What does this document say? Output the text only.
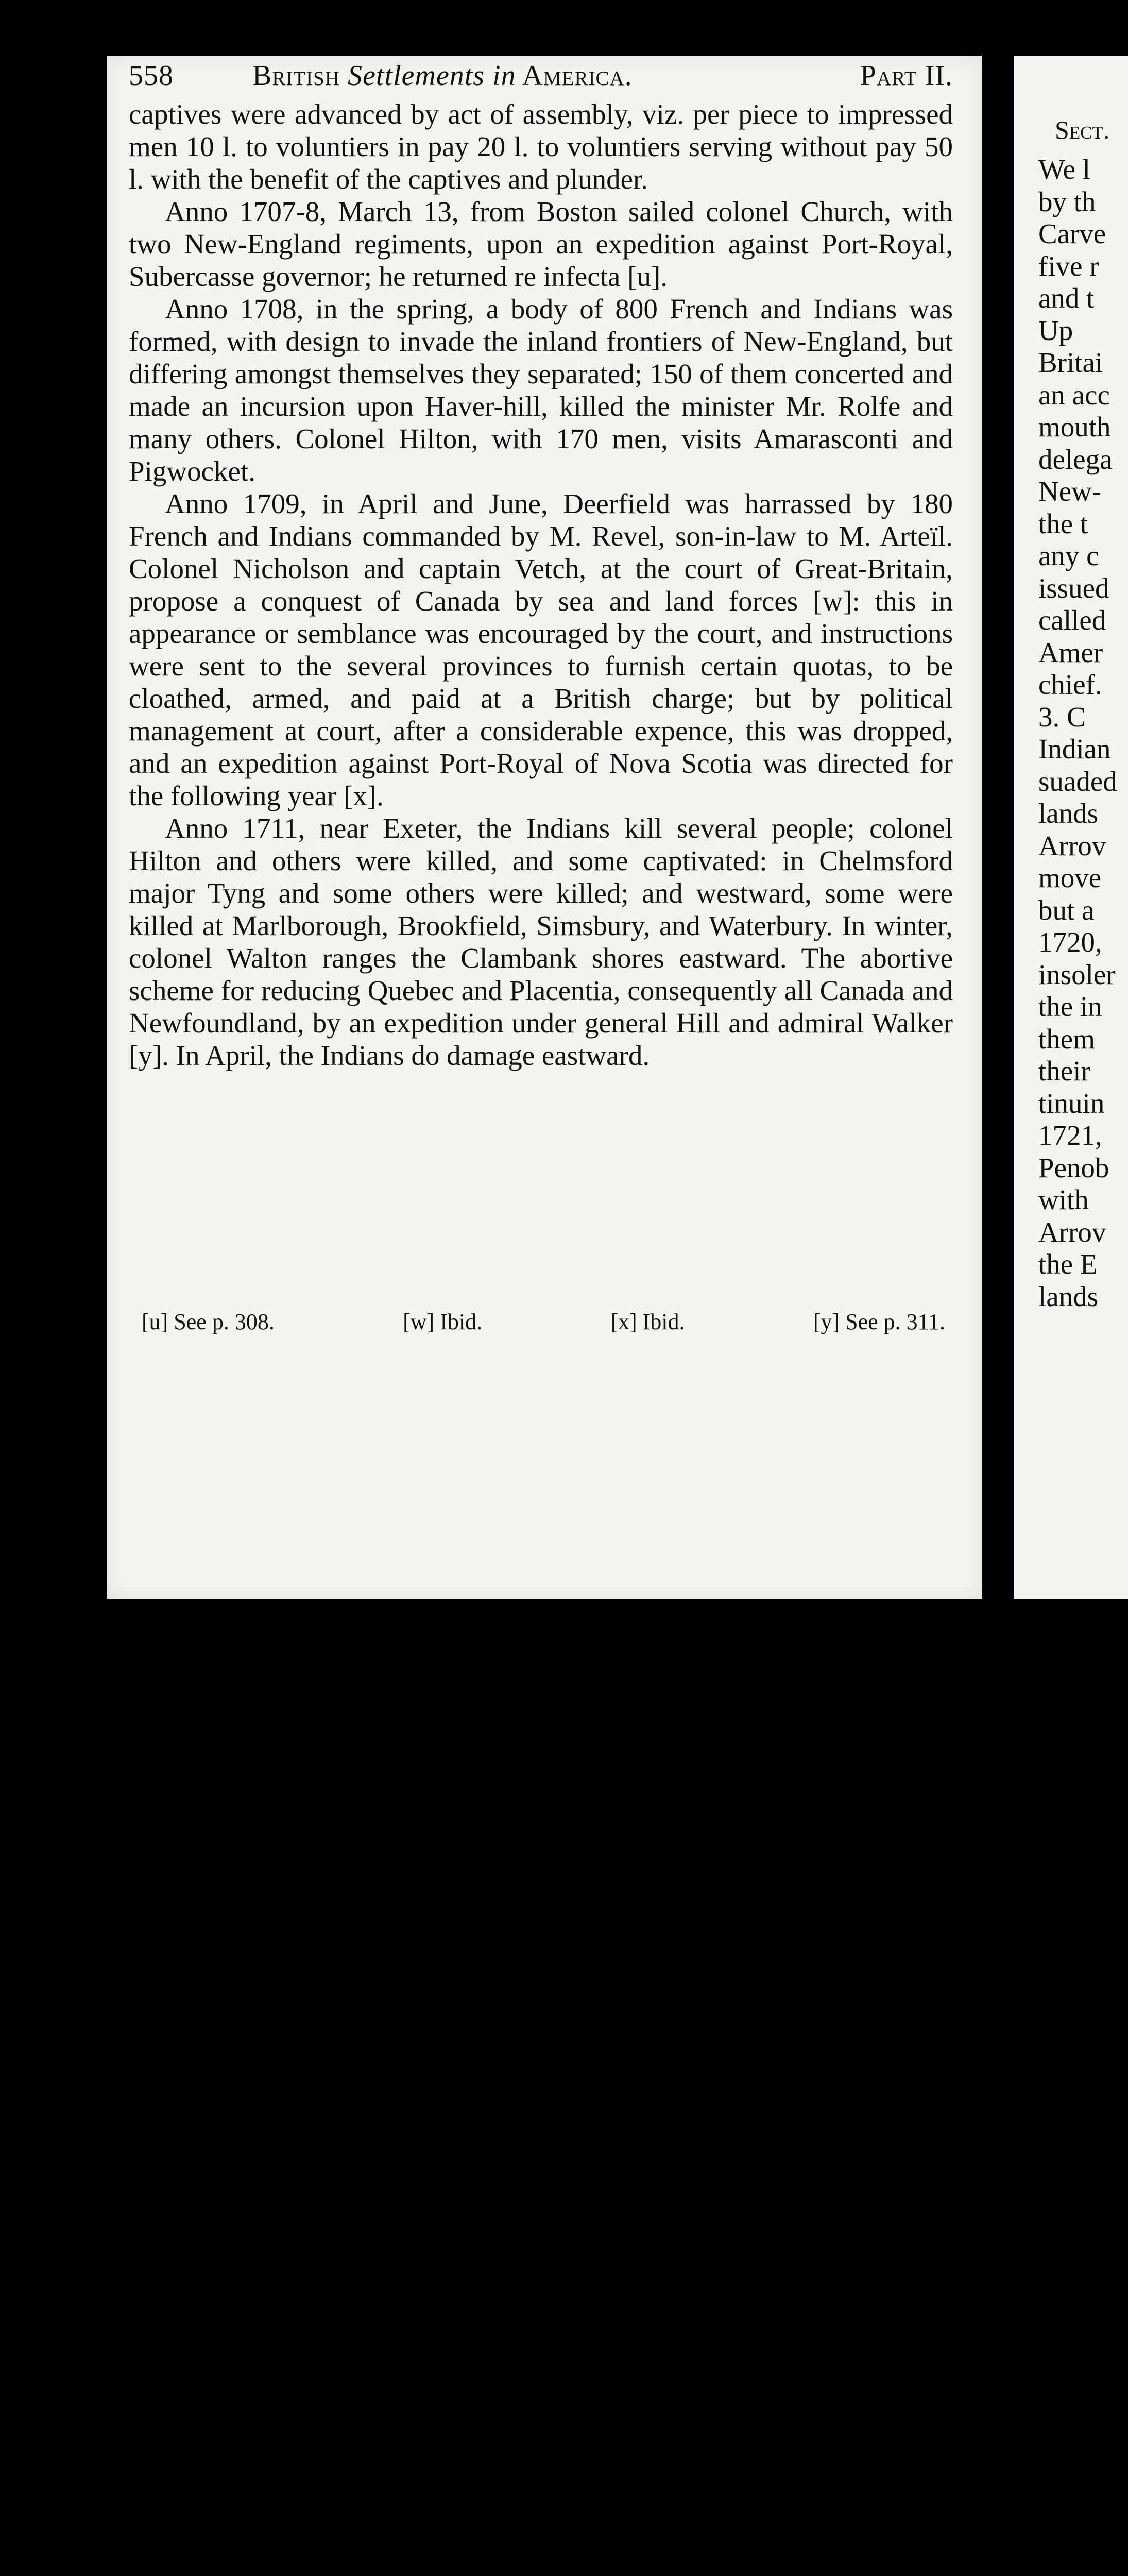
Sect.
We l
by th
Carve
five r
and t
Up
Britai
an acc
mouth
delega
New-
the t
any c
issued
called
Amer
chief.
3. C
Indian
suaded
lands
Arrov
move
but a
1720,
insoler
the in
them
their
tinuin
1721,
Penob
with
Arrov
the E
lands
558	British Settlements in America.	Part II.

captives were advanced by act of assembly, viz. per piece to impressed men 10 l. to voluntiers in pay 20 l. to voluntiers serving without pay 50 l. with the benefit of the captives and plunder.

Anno 1707-8, March 13, from Boston sailed colonel Church, with two New-England regiments, upon an expedition against Port-Royal, Subercasse governor; he returned re infecta [u].

Anno 1708, in the spring, a body of 800 French and Indians was formed, with design to invade the inland frontiers of New-England, but differing amongst themselves they separated; 150 of them concerted and made an incursion upon Haver-hill, killed the minister Mr. Rolfe and many others. Colonel Hilton, with 170 men, visits Amarasconti and Pigwocket.

Anno 1709, in April and June, Deerfield was harrassed by 180 French and Indians commanded by M. Revel, son-in-law to M. Arteïl. Colonel Nicholson and captain Vetch, at the court of Great-Britain, propose a conquest of Canada by sea and land forces [w]: this in appearance or semblance was encouraged by the court, and instructions were sent to the several provinces to furnish certain quotas, to be cloathed, armed, and paid at a British charge; but by political management at court, after a considerable expence, this was dropped, and an expedition against Port-Royal of Nova Scotia was directed for the following year [x].

Anno 1711, near Exeter, the Indians kill several people; colonel Hilton and others were killed, and some captivated: in Chelmsford major Tyng and some others were killed; and westward, some were killed at Marlborough, Brookfield, Simsbury, and Waterbury. In winter, colonel Walton ranges the Clambank shores eastward. The abortive scheme for reducing Quebec and Placentia, consequently all Canada and Newfoundland, by an expedition under general Hill and admiral Walker [y]. In April, the Indians do damage eastward.

[u] See p. 308.	[w] Ibid.	[x] Ibid.	[y] See p. 311.
